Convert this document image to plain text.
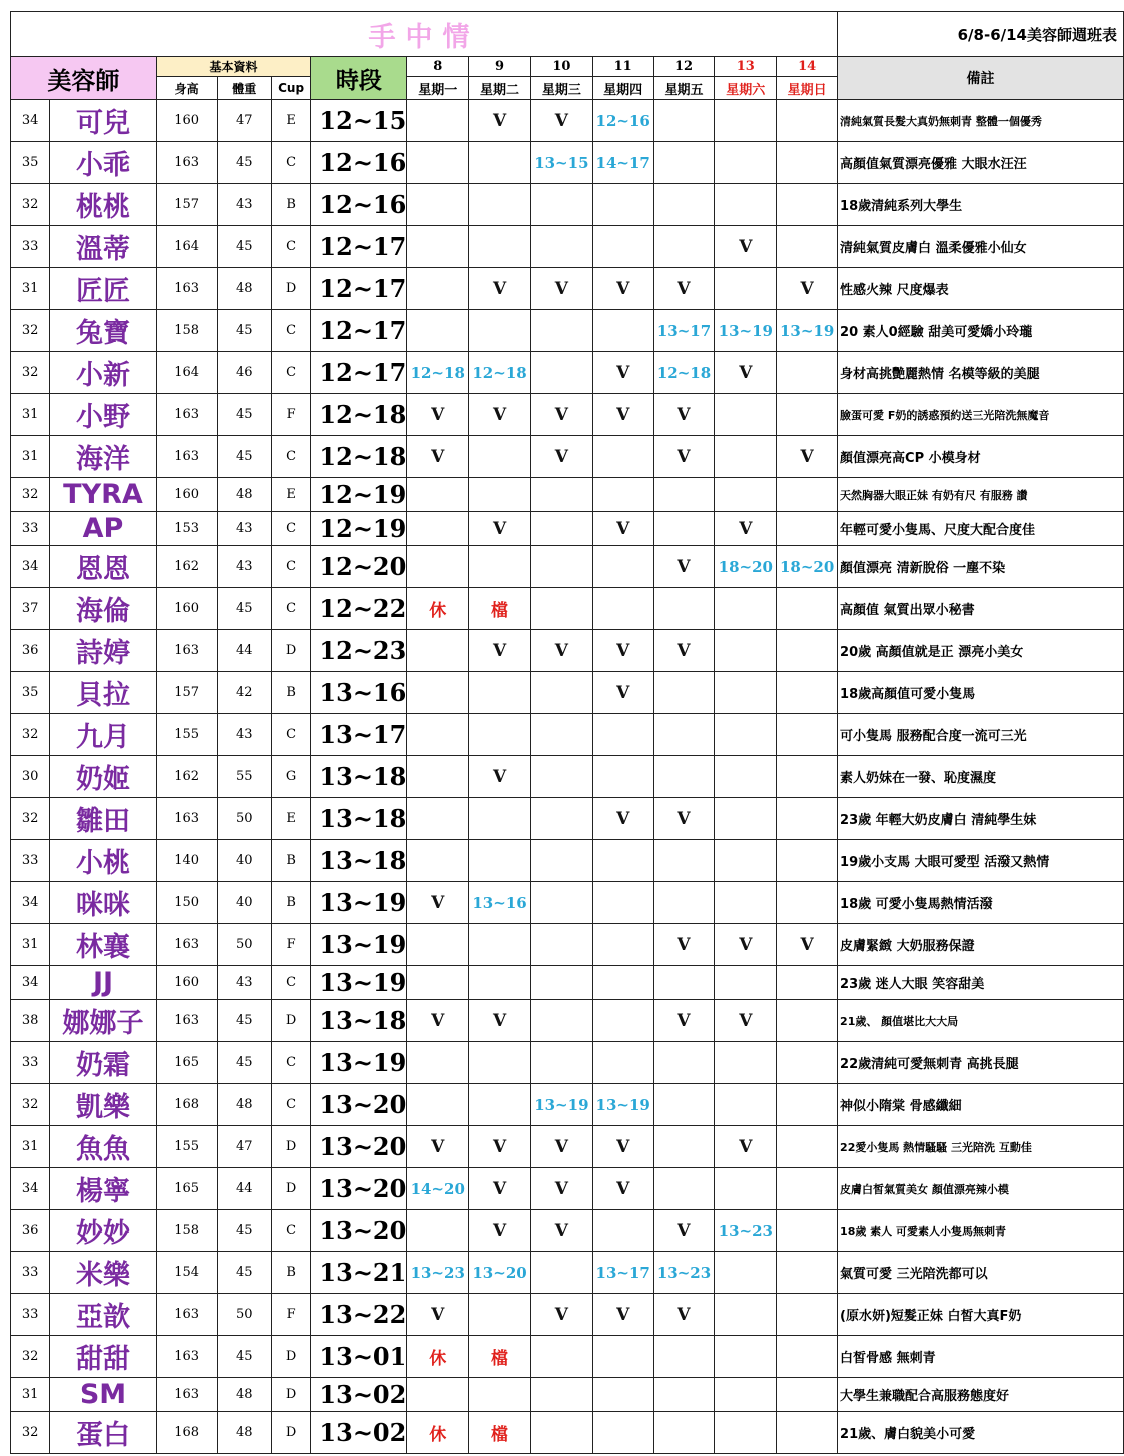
手中情													6/8-6/14美容師週班表
美容師		基本資料			時段	8	9	10	11	12	13	14	備註
		身高	體重	Cup		星期一	星期二	星期三	星期四	星期五	星期六	星期日	
34	可兒	160	47	E	12~15		V	V	12~16				清純氣質長髮大真奶無刺青 整體一個優秀
35	小乖	163	45	C	12~16			13~15	14~17				高顏值氣質漂亮優雅 大眼水汪汪
32	桃桃	157	43	B	12~16								18歲清純系列大學生
33	溫蒂	164	45	C	12~17						V		清純氣質皮膚白 溫柔優雅小仙女
31	匠匠	163	48	D	12~17		V	V	V	V		V	性感火辣 尺度爆表
32	兔寶	158	45	C	12~17					13~17	13~19	13~19	20 素人0經驗 甜美可愛嬌小玲瓏
32	小新	164	46	C	12~17	12~18	12~18		V	12~18	V		身材高挑艷麗熱情 名模等級的美腿
31	小野	163	45	F	12~18	V	V	V	V	V			臉蛋可愛 F奶的誘惑預約送三光陪洗無魔音
31	海洋	163	45	C	12~18	V		V		V		V	顏值漂亮高CP 小模身材
32	TYRA	160	48	E	12~19								天然胸器大眼正妹 有奶有尺 有服務 讚
33	AP	153	43	C	12~19		V		V		V		年輕可愛小隻馬、尺度大配合度佳
34	恩恩	162	43	C	12~20					V	18~20	18~20	顏值漂亮 清新脫俗 一塵不染
37	海倫	160	45	C	12~22	休	檔						高顏值 氣質出眾小秘書
36	詩婷	163	44	D	12~23		V	V	V	V			20歲 高顏值就是正 漂亮小美女
35	貝拉	157	42	B	13~16				V				18歲高顏值可愛小隻馬
32	九月	155	43	C	13~17								可小隻馬 服務配合度一流可三光
30	奶姬	162	55	G	13~18		V						素人奶妹在一發、恥度濕度
32	雛田	163	50	E	13~18				V	V			23歲 年輕大奶皮膚白 清純學生妹
33	小桃	140	40	B	13~18								19歲小支馬 大眼可愛型 活潑又熱情
34	咪咪	150	40	B	13~19	V	13~16						18歲 可愛小隻馬熱情活潑
31	林襄	163	50	F	13~19					V	V	V	皮膚緊緻 大奶服務保證
34	JJ	160	43	C	13~19								23歲 迷人大眼 笑容甜美
38	娜娜子	163	45	D	13~18	V	V			V	V		21歲、 顏值堪比大大局
33	奶霜	165	45	C	13~19								22歲清純可愛無刺青 高挑長腿
32	凱樂	168	48	C	13~20			13~19	13~19				神似小隋棠 骨感纖細
31	魚魚	155	47	D	13~20	V	V	V	V		V		22愛小隻馬 熱情騷騷 三光陪洗 互動佳
34	楊寧	165	44	D	13~20	14~20	V	V	V				皮膚白皙氣質美女 顏值漂亮辣小模
36	妙妙	158	45	C	13~20		V	V		V	13~23		18歲 素人 可愛素人小隻馬無刺青
33	米樂	154	45	B	13~21	13~23	13~20		13~17	13~23			氣質可愛 三光陪洗都可以
33	亞歆	163	50	F	13~22	V		V	V	V			(原水妍)短髮正妹 白皙大真F奶
32	甜甜	163	45	D	13~01	休	檔						白皙骨感 無刺青
31	SM	163	48	D	13~02								大學生兼職配合高服務態度好
32	蛋白	168	48	D	13~02	休	檔						21歲、膚白貌美小可愛
